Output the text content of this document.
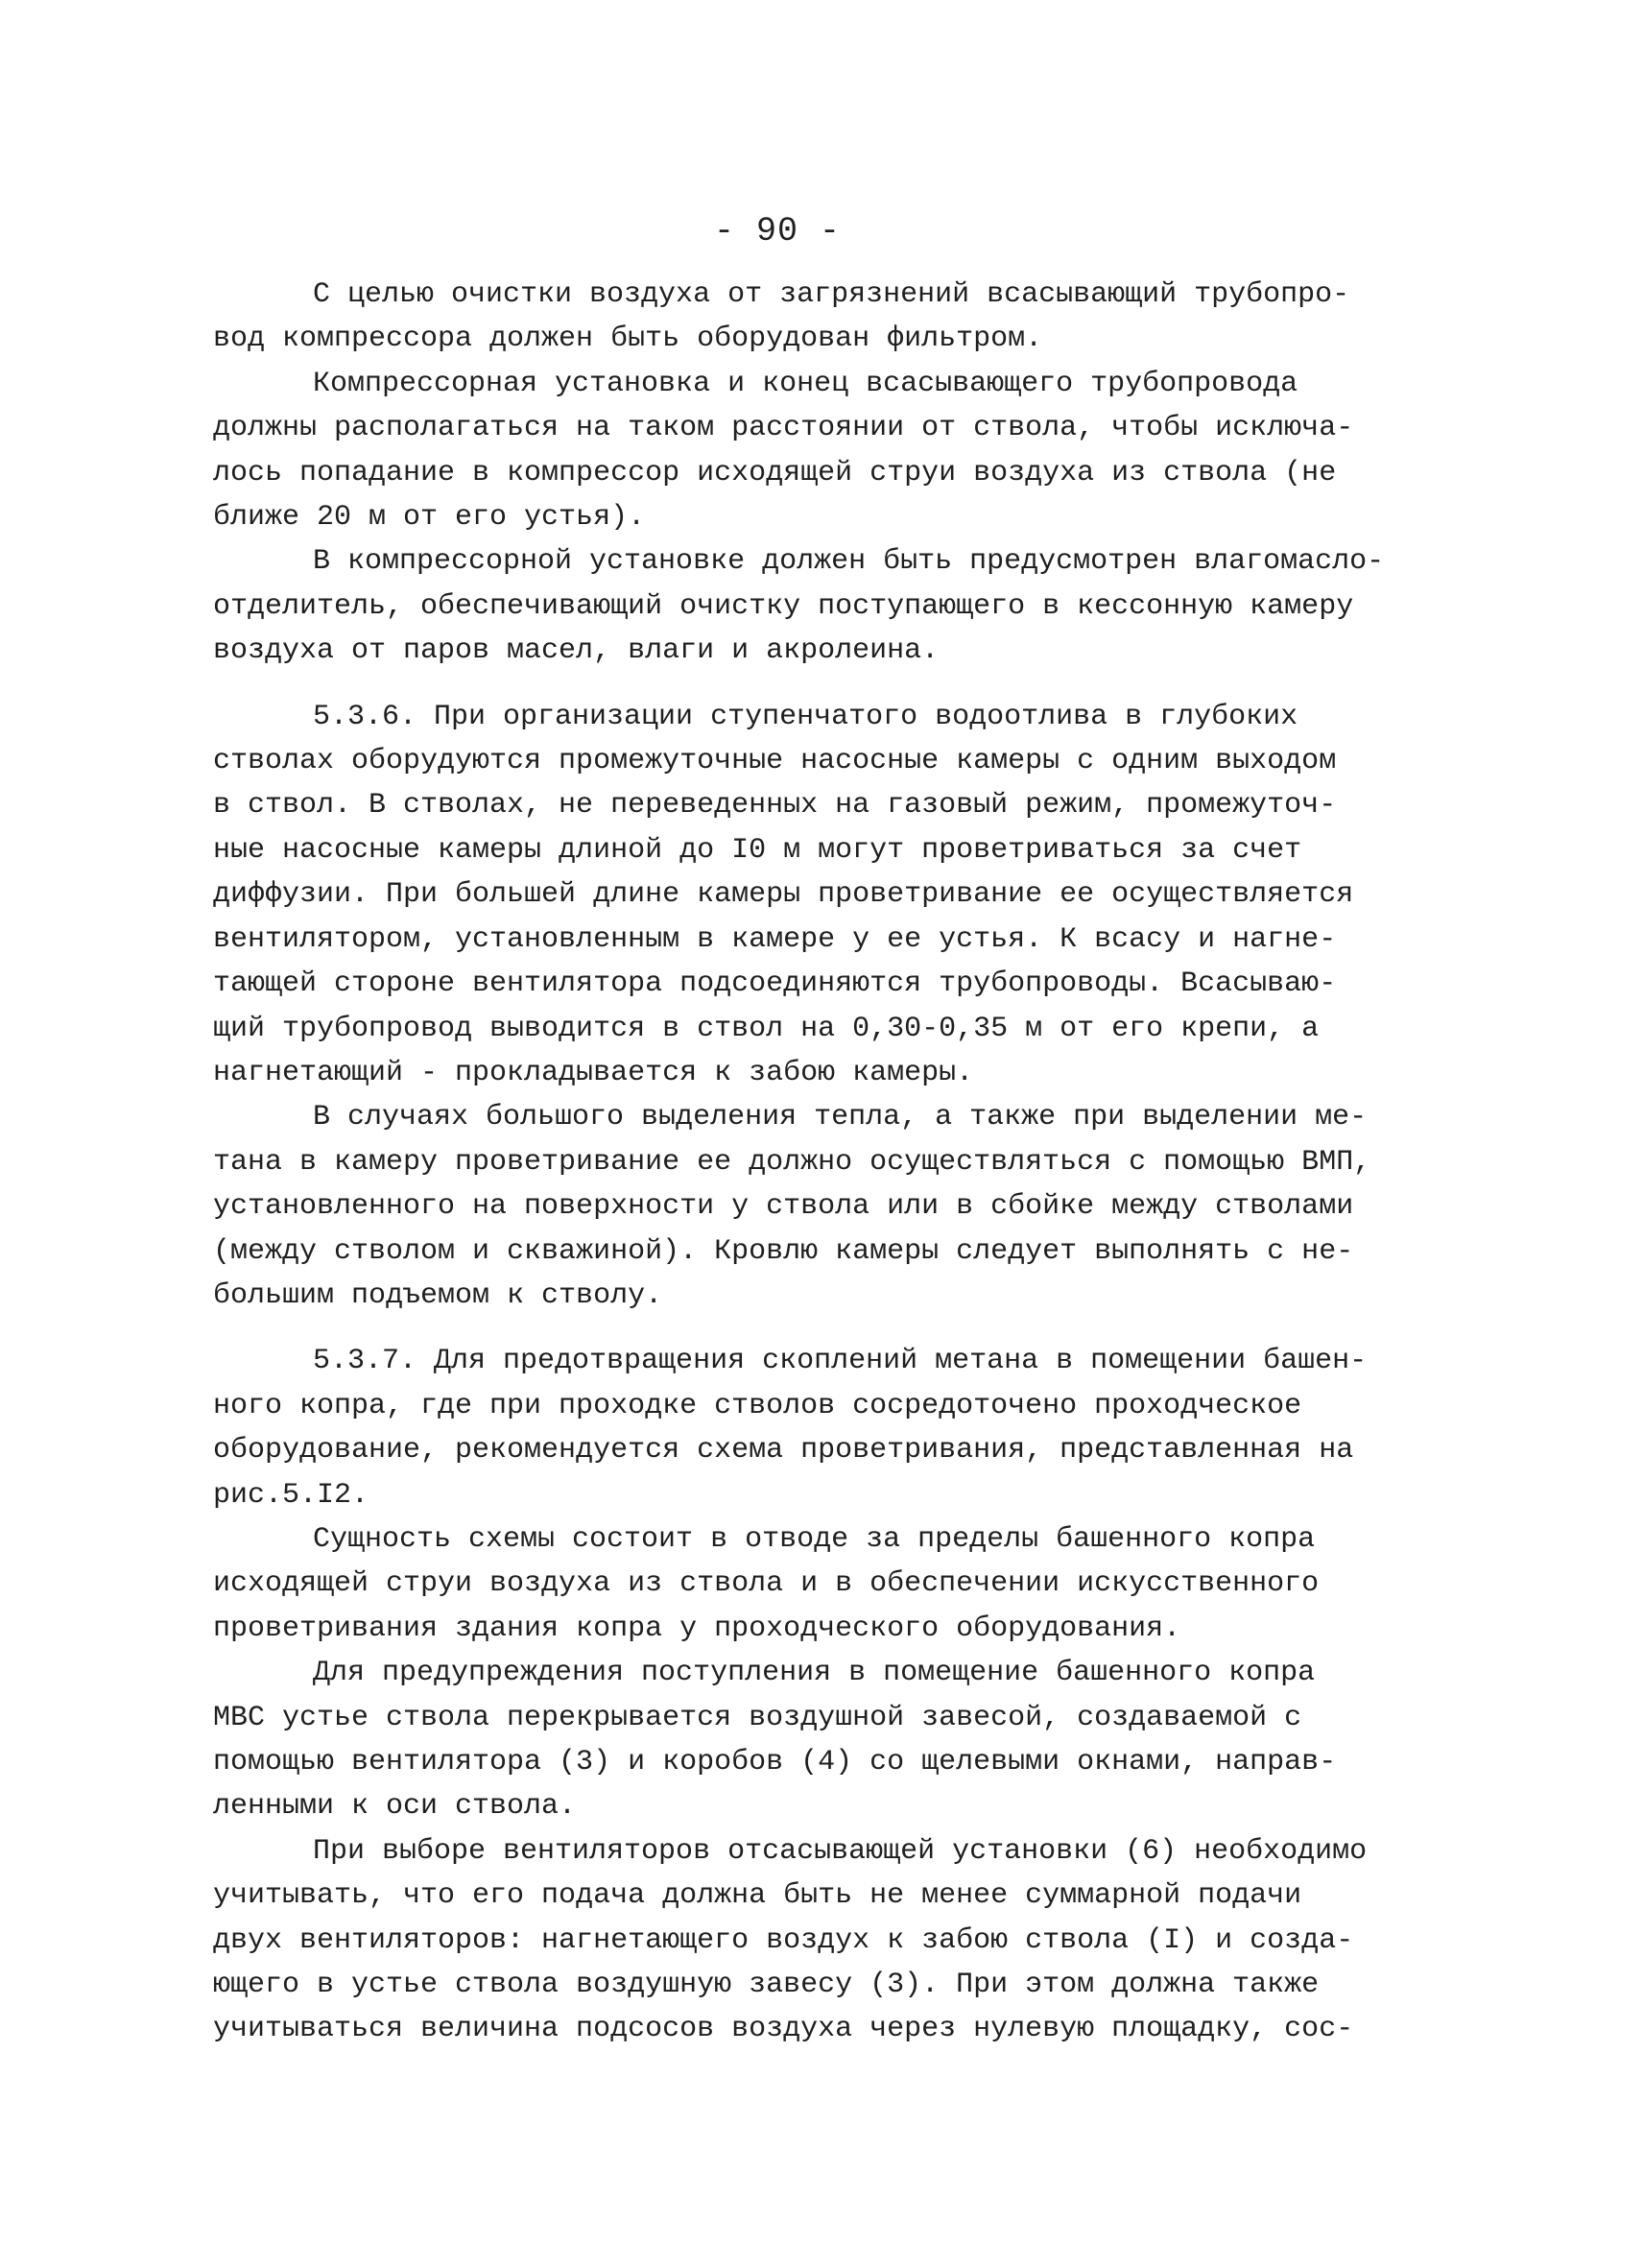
- 90 -
С целью очистки воздуха от загрязнений всасывающий трубопро-
вод компрессора должен быть оборудован фильтром.
Компрессорная установка и конец всасывающего трубопровода
должны располагаться на таком расстоянии от ствола, чтобы исключа-
лось попадание в компрессор исходящей струи воздуха из ствола (не
ближе 20 м от его устья).
В компрессорной установке должен быть предусмотрен влагомасло-
отделитель, обеспечивающий очистку поступающего в кессонную камеру
воздуха от паров масел, влаги и акролеина.
5.3.6. При организации ступенчатого водоотлива в глубоких
стволах оборудуются промежуточные насосные камеры с одним выходом
в ствол. В стволах, не переведенных на газовый режим, промежуточ-
ные насосные камеры длиной до I0 м могут проветриваться за счет
диффузии. При большей длине камеры проветривание ее осуществляется
вентилятором, установленным в камере у ее устья. К всасу и нагне-
тающей стороне вентилятора подсоединяются трубопроводы. Всасываю-
щий трубопровод выводится в ствол на 0,30-0,35 м от его крепи, а
нагнетающий - прокладывается к забою камеры.
В случаях большого выделения тепла, а также при выделении ме-
тана в камеру проветривание ее должно осуществляться с помощью ВМП,
установленного на поверхности у ствола или в сбойке между стволами
(между стволом и скважиной). Кровлю камеры следует выполнять с не-
большим подъемом к стволу.
5.3.7. Для предотвращения скоплений метана в помещении башен-
ного копра, где при проходке стволов сосредоточено проходческое
оборудование, рекомендуется схема проветривания, представленная на
рис.5.I2.
Сущность схемы состоит в отводе за пределы башенного копра
исходящей струи воздуха из ствола и в обеспечении искусственного
проветривания здания копра у проходческого оборудования.
Для предупреждения поступления в помещение башенного копра
МВС устье ствола перекрывается воздушной завесой, создаваемой с
помощью вентилятора (3) и коробов (4) со щелевыми окнами, направ-
ленными к оси ствола.
При выборе вентиляторов отсасывающей установки (6) необходимо
учитывать, что его подача должна быть не менее суммарной подачи
двух вентиляторов: нагнетающего воздух к забою ствола (I) и созда-
ющего в устье ствола воздушную завесу (3). При этом должна также
учитываться величина подсосов воздуха через нулевую площадку, сос-
